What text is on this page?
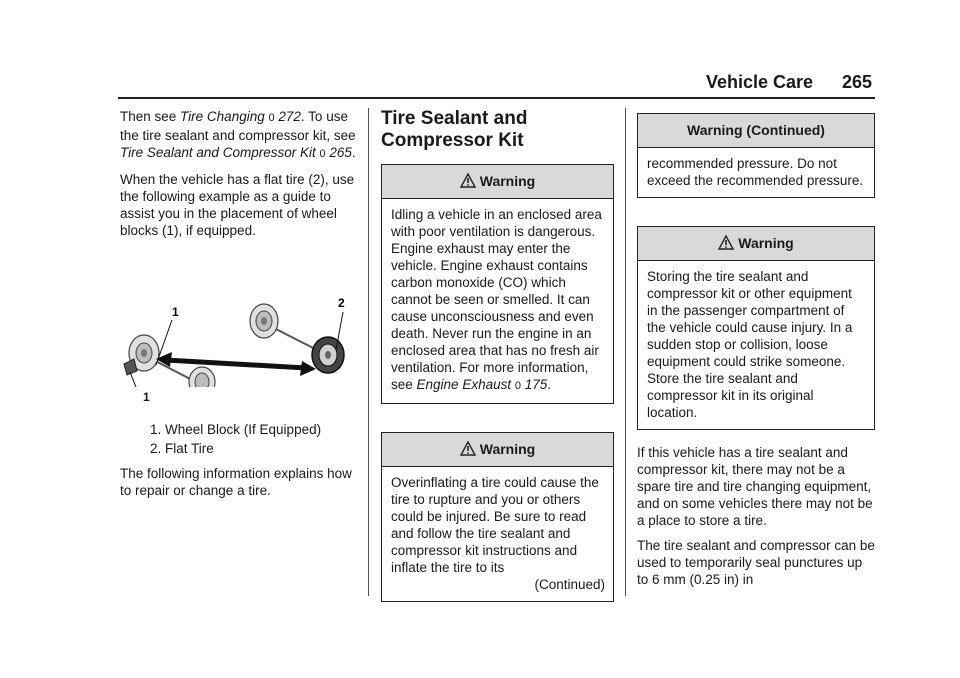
Vehicle Care 265

Then see Tire Changing 0 272. To use the tire sealant and compressor kit, see Tire Sealant and Compressor Kit 0 265.

When the vehicle has a flat tire (2), use the following example as a guide to assist you in the placement of wheel blocks (1), if equipped.

1
2
1
1. Wheel Block (If Equipped)
2. Flat Tire

The following information explains how to repair or change a tire.

Tire Sealant and
Compressor Kit
Warning
Idling a vehicle in an enclosed area with poor ventilation is dangerous. Engine exhaust may enter the vehicle. Engine exhaust contains carbon monoxide (CO) which cannot be seen or smelled. It can cause unconsciousness and even death. Never run the engine in an enclosed area that has no fresh air ventilation. For more information, see Engine Exhaust 0 175.
Warning
Overinflating a tire could cause the tire to rupture and you or others could be injured. Be sure to read and follow the tire sealant and compressor kit instructions and inflate the tire to its
(Continued)
Warning (Continued)
recommended pressure. Do not exceed the recommended pressure.
Warning
Storing the tire sealant and compressor kit or other equipment in the passenger compartment of the vehicle could cause injury. In a sudden stop or collision, loose equipment could strike someone. Store the tire sealant and compressor kit in its original location.

If this vehicle has a tire sealant and compressor kit, there may not be a spare tire and tire changing equipment, and on some vehicles there may not be a place to store a tire.

The tire sealant and compressor can be used to temporarily seal punctures up to 6 mm (0.25 in) in
